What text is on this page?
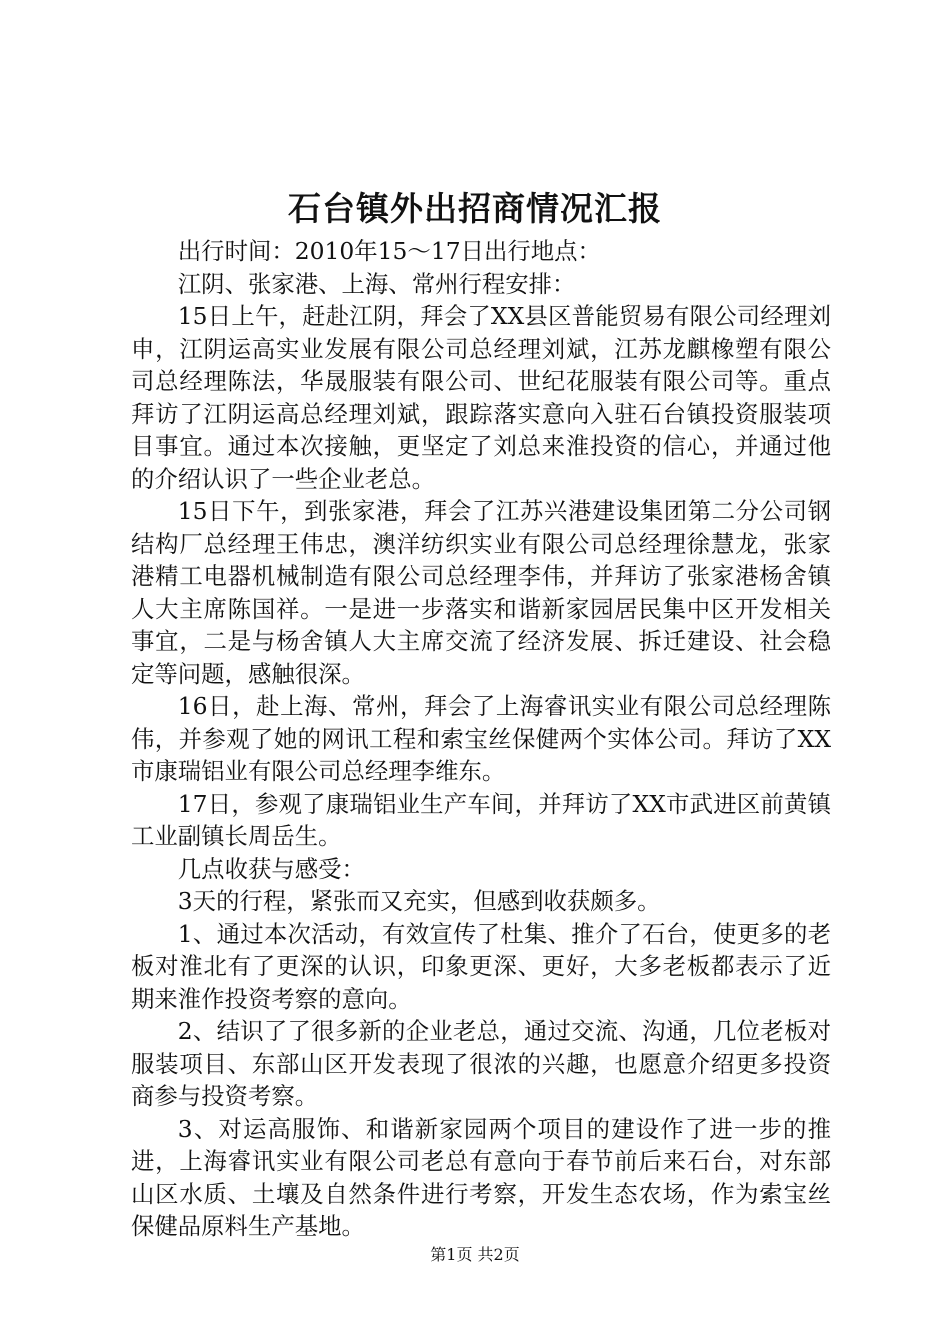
石台镇外出招商情况汇报

出行时间：2010年15～17日出行地点：

江阴、张家港、上海、常州行程安排：

15日上午，赶赴江阴，拜会了XX县区普能贸易有限公司经理刘申，江阴运高实业发展有限公司总经理刘斌，江苏龙麒橡塑有限公司总经理陈法，华晟服装有限公司、世纪花服装有限公司等。重点拜访了江阴运高总经理刘斌，跟踪落实意向入驻石台镇投资服装项目事宜。通过本次接触，更坚定了刘总来淮投资的信心，并通过他的介绍认识了一些企业老总。

15日下午，到张家港，拜会了江苏兴港建设集团第二分公司钢结构厂总经理王伟忠，澳洋纺织实业有限公司总经理徐慧龙，张家港精工电器机械制造有限公司总经理李伟，并拜访了张家港杨舍镇人大主席陈国祥。一是进一步落实和谐新家园居民集中区开发相关事宜，二是与杨舍镇人大主席交流了经济发展、拆迁建设、社会稳定等问题，感触很深。

16日，赴上海、常州，拜会了上海睿讯实业有限公司总经理陈伟，并参观了她的网讯工程和索宝丝保健两个实体公司。拜访了XX市康瑞铝业有限公司总经理李维东。

17日，参观了康瑞铝业生产车间，并拜访了XX市武进区前黄镇工业副镇长周岳生。

几点收获与感受：

3天的行程，紧张而又充实，但感到收获颇多。

1、通过本次活动，有效宣传了杜集、推介了石台，使更多的老板对淮北有了更深的认识，印象更深、更好，大多老板都表示了近期来淮作投资考察的意向。

2、结识了了很多新的企业老总，通过交流、沟通，几位老板对服装项目、东部山区开发表现了很浓的兴趣，也愿意介绍更多投资商参与投资考察。

3、对运高服饰、和谐新家园两个项目的建设作了进一步的推进，上海睿讯实业有限公司老总有意向于春节前后来石台，对东部山区水质、土壤及自然条件进行考察，开发生态农场，作为索宝丝保健品原料生产基地。

第1页 共2页
